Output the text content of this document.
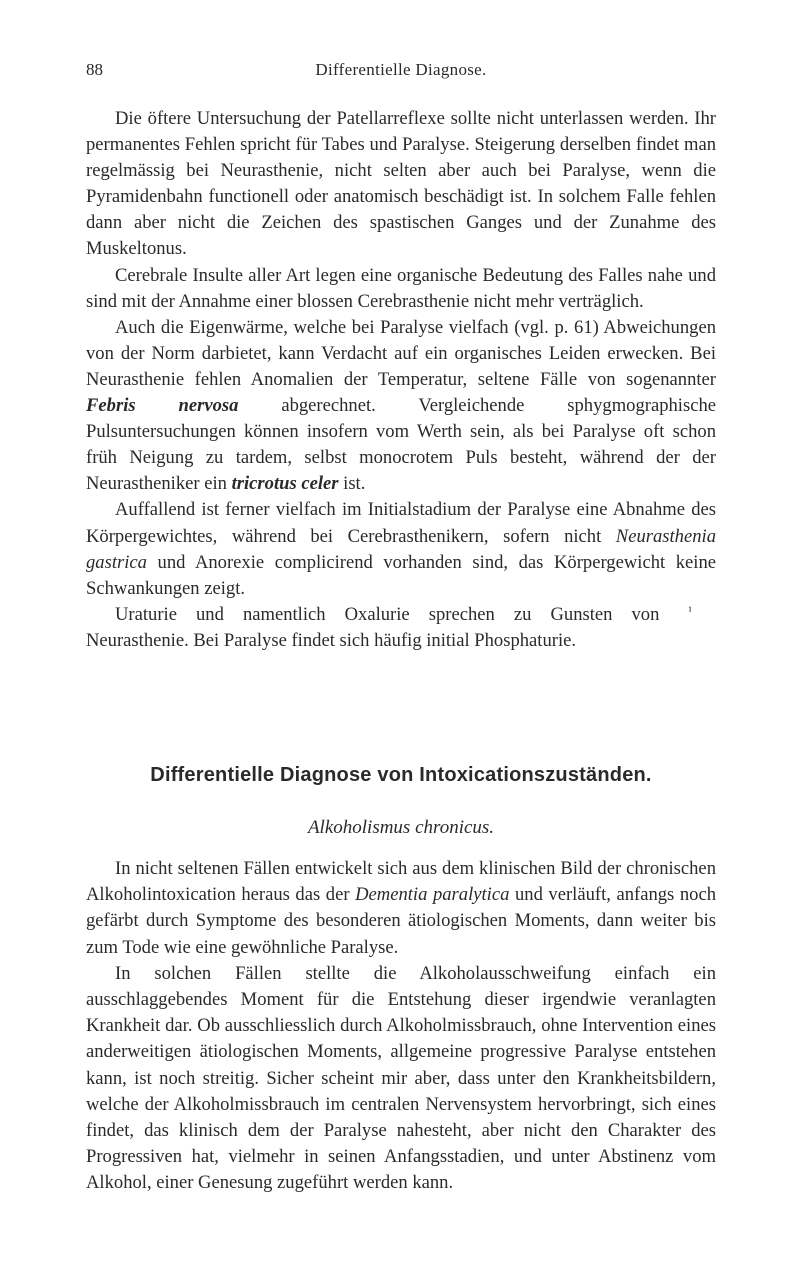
88	Differentielle Diagnose.

Die öftere Untersuchung der Patellarreflexe sollte nicht unterlassen werden. Ihr permanentes Fehlen spricht für Tabes und Paralyse. Steigerung derselben findet man regelmässig bei Neurasthenie, nicht selten aber auch bei Paralyse, wenn die Pyramidenbahn functionell oder anatomisch beschädigt ist. In solchem Falle fehlen dann aber nicht die Zeichen des spastischen Ganges und der Zunahme des Muskeltonus.

Cerebrale Insulte aller Art legen eine organische Bedeutung des Falles nahe und sind mit der Annahme einer blossen Cerebrasthenie nicht mehr verträglich.

Auch die Eigenwärme, welche bei Paralyse vielfach (vgl. p. 61) Abweichungen von der Norm darbietet, kann Verdacht auf ein organisches Leiden erwecken. Bei Neurasthenie fehlen Anomalien der Temperatur, seltene Fälle von sogenannter Febris nervosa abgerechnet. Vergleichende sphygmographische Pulsuntersuchungen können insofern vom Werth sein, als bei Paralyse oft schon früh Neigung zu tardem, selbst monocrotem Puls besteht, während der der Neurastheniker ein tricrotus celer ist.

Auffallend ist ferner vielfach im Initialstadium der Paralyse eine Abnahme des Körpergewichtes, während bei Cerebrasthenikern, sofern nicht Neurasthenia gastrica und Anorexie complicirend vorhanden sind, das Körpergewicht keine Schwankungen zeigt.

¹
Uraturie und namentlich Oxalurie sprechen zu Gunsten von Neurasthenie. Bei Paralyse findet sich häufig initial Phosphaturie.

Differentielle Diagnose von Intoxicationszuständen.
Alkoholismus chronicus.

In nicht seltenen Fällen entwickelt sich aus dem klinischen Bild der chronischen Alkoholintoxication heraus das der Dementia paralytica und verläuft, anfangs noch gefärbt durch Symptome des besonderen ätiologischen Moments, dann weiter bis zum Tode wie eine gewöhnliche Paralyse.

In solchen Fällen stellte die Alkoholausschweifung einfach ein ausschlaggebendes Moment für die Entstehung dieser irgendwie veranlagten Krankheit dar. Ob ausschliesslich durch Alkoholmissbrauch, ohne Intervention eines anderweitigen ätiologischen Moments, allgemeine progressive Paralyse entstehen kann, ist noch streitig. Sicher scheint mir aber, dass unter den Krankheitsbildern, welche der Alkoholmissbrauch im centralen Nervensystem hervorbringt, sich eines findet, das klinisch dem der Paralyse nahesteht, aber nicht den Charakter des Progressiven hat, vielmehr in seinen Anfangsstadien, und unter Abstinenz vom Alkohol, einer Genesung zugeführt werden kann.
